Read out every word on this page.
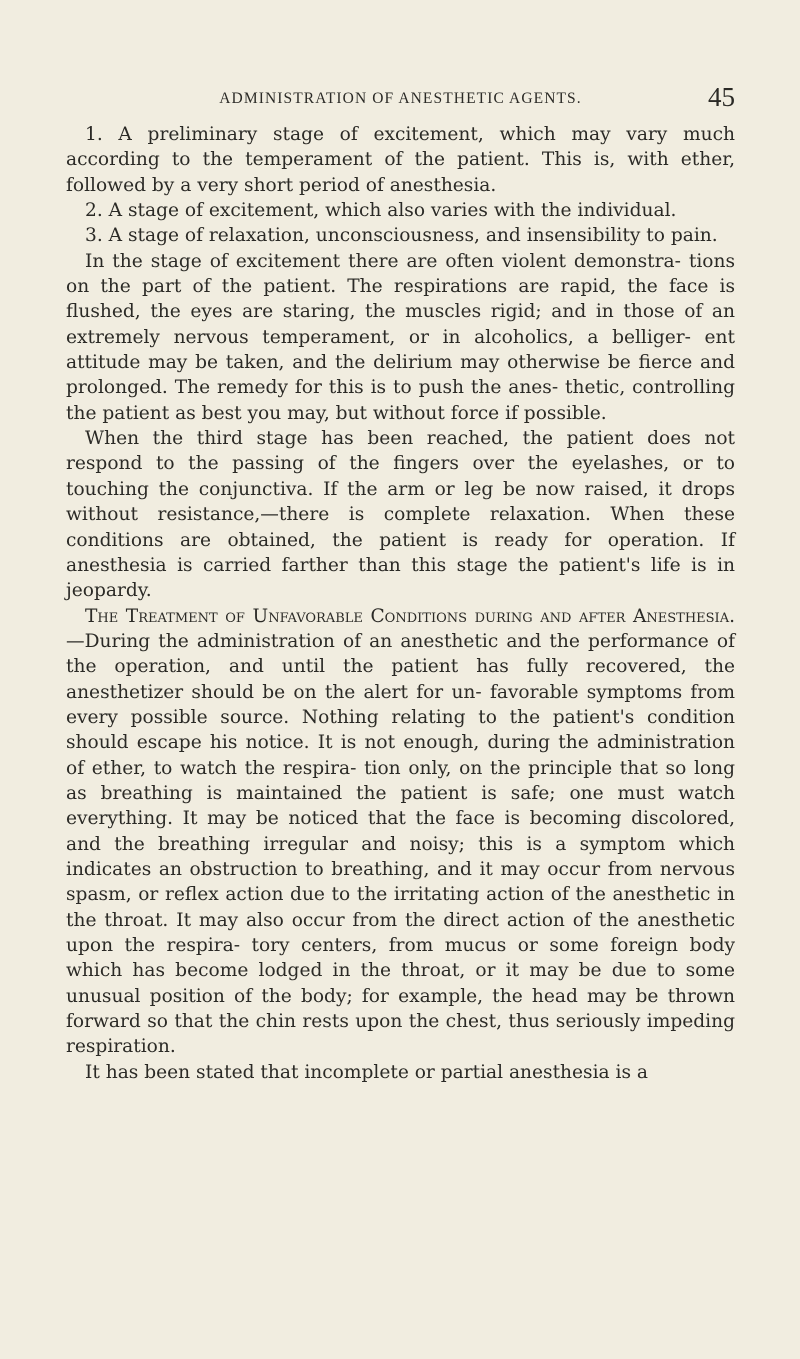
ADMINISTRATION OF ANESTHETIC AGENTS.	45

1. A preliminary stage of excitement, which may vary much according to the temperament of the patient. This is, with ether, followed by a very short period of anesthesia.

2. A stage of excitement, which also varies with the individual.

3. A stage of relaxation, unconsciousness, and insensibility to pain.

In the stage of excitement there are often violent demonstra- tions on the part of the patient. The respirations are rapid, the face is flushed, the eyes are staring, the muscles rigid; and in those of an extremely nervous temperament, or in alcoholics, a belliger- ent attitude may be taken, and the delirium may otherwise be fierce and prolonged. The remedy for this is to push the anes- thetic, controlling the patient as best you may, but without force if possible.

When the third stage has been reached, the patient does not respond to the passing of the fingers over the eyelashes, or to touching the conjunctiva. If the arm or leg be now raised, it drops without resistance,—there is complete relaxation. When these conditions are obtained, the patient is ready for operation. If anesthesia is carried farther than this stage the patient's life is in jeopardy.

The Treatment of Unfavorable Conditions during and after Anesthesia.—During the administration of an anesthetic and the performance of the operation, and until the patient has fully recovered, the anesthetizer should be on the alert for un- favorable symptoms from every possible source. Nothing relating to the patient's condition should escape his notice. It is not enough, during the administration of ether, to watch the respira- tion only, on the principle that so long as breathing is maintained the patient is safe; one must watch everything. It may be noticed that the face is becoming discolored, and the breathing irregular and noisy; this is a symptom which indicates an obstruction to breathing, and it may occur from nervous spasm, or reflex action due to the irritating action of the anesthetic in the throat. It may also occur from the direct action of the anesthetic upon the respira- tory centers, from mucus or some foreign body which has become lodged in the throat, or it may be due to some unusual position of the body; for example, the head may be thrown forward so that the chin rests upon the chest, thus seriously impeding respiration.

It has been stated that incomplete or partial anesthesia is a
